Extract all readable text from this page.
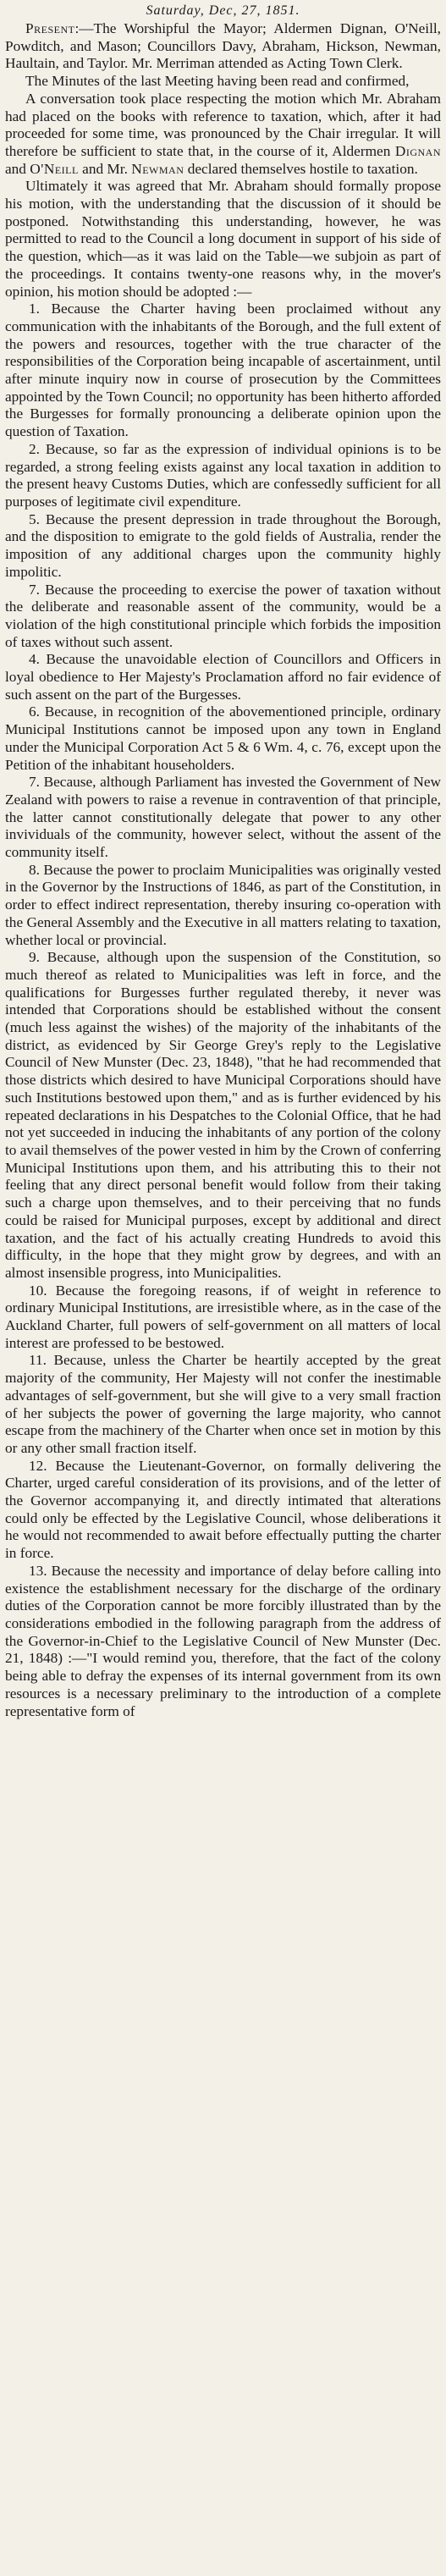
Saturday, Dec, 27, 1851.

Present:—The Worshipful the Mayor; Aldermen Dignan, O'Neill, Powditch, and Mason; Councillors Davy, Abraham, Hickson, Newman, Haultain, and Taylor. Mr. Merriman attended as Acting Town Clerk.

The Minutes of the last Meeting having been read and confirmed,

A conversation took place respecting the motion which Mr. Abraham had placed on the books with reference to taxation, which, after it had proceeded for some time, was pronounced by the Chair irregular. It will therefore be sufficient to state that, in the course of it, Aldermen Dignan and O'Neill and Mr. Newman declared themselves hostile to taxation.

Ultimately it was agreed that Mr. Abraham should formally propose his motion, with the understanding that the discussion of it should be postponed. Notwithstanding this understanding, however, he was permitted to read to the Council a long document in support of his side of the question, which—as it was laid on the Table—we subjoin as part of the proceedings. It contains twenty-one reasons why, in the mover's opinion, his motion should be adopted :—

1. Because the Charter having been proclaimed without any communication with the inhabitants of the Borough, and the full extent of the powers and resources, together with the true character of the responsibilities of the Corporation being incapable of ascertainment, until after minute inquiry now in course of prosecution by the Committees appointed by the Town Council; no opportunity has been hitherto afforded the Burgesses for formally pronouncing a deliberate opinion upon the question of Taxation.

2. Because, so far as the expression of individual opinions is to be regarded, a strong feeling exists against any local taxation in addition to the present heavy Customs Duties, which are confessedly sufficient for all purposes of legitimate civil expenditure.

5. Because the present depression in trade throughout the Borough, and the disposition to emigrate to the gold fields of Australia, render the imposition of any additional charges upon the community highly impolitic.

7. Because the proceeding to exercise the power of taxation without the deliberate and reasonable assent of the community, would be a violation of the high constitutional principle which forbids the imposition of taxes without such assent.

4. Because the unavoidable election of Councillors and Officers in loyal obedience to Her Majesty's Proclamation afford no fair evidence of such assent on the part of the Burgesses.

6. Because, in recognition of the abovementioned principle, ordinary Municipal Institutions cannot be imposed upon any town in England under the Municipal Corporation Act 5 & 6 Wm. 4, c. 76, except upon the Petition of the inhabitant householders.

7. Because, although Parliament has invested the Government of New Zealand with powers to raise a revenue in contravention of that principle, the latter cannot constitutionally delegate that power to any other invividuals of the community, however select, without the assent of the community itself.

8. Because the power to proclaim Municipalities was originally vested in the Governor by the Instructions of 1846, as part of the Constitution, in order to effect indirect representation, thereby insuring co-operation with the General Assembly and the Executive in all matters relating to taxation, whether local or provincial.

9. Because, although upon the suspension of the Constitution, so much thereof as related to Municipalities was left in force, and the qualifications for Burgesses further regulated thereby, it never was intended that Corporations should be established without the consent (much less against the wishes) of the majority of the inhabitants of the district, as evidenced by Sir George Grey's reply to the Legislative Council of New Munster (Dec. 23, 1848), "that he had recommended that those districts which desired to have Municipal Corporations should have such Institutions bestowed upon them," and as is further evidenced by his repeated declarations in his Despatches to the Colonial Office, that he had not yet succeeded in inducing the inhabitants of any portion of the colony to avail themselves of the power vested in him by the Crown of conferring Municipal Institutions upon them, and his attributing this to their not feeling that any direct personal benefit would follow from their taking such a charge upon themselves, and to their perceiving that no funds could be raised for Municipal purposes, except by additional and direct taxation, and the fact of his actually creating Hundreds to avoid this difficulty, in the hope that they might grow by degrees, and with an almost insensible progress, into Municipalities.

10. Because the foregoing reasons, if of weight in reference to ordinary Municipal Institutions, are irresistible where, as in the case of the Auckland Charter, full powers of self-government on all matters of local interest are professed to be bestowed.

11. Because, unless the Charter be heartily accepted by the great majority of the community, Her Majesty will not confer the inestimable advantages of self-government, but she will give to a very small fraction of her subjects the power of governing the large majority, who cannot escape from the machinery of the Charter when once set in motion by this or any other small fraction itself.

12. Because the Lieutenant-Governor, on formally delivering the Charter, urged careful consideration of its provisions, and of the letter of the Governor accompanying it, and directly intimated that alterations could only be effected by the Legislative Council, whose deliberations it he would not recommended to await before effectually putting the charter in force.

13. Because the necessity and importance of delay before calling into existence the establishment necessary for the discharge of the ordinary duties of the Corporation cannot be more forcibly illustrated than by the considerations embodied in the following paragraph from the address of the Governor-in-Chief to the Legislative Council of New Munster (Dec. 21, 1848) :—"I would remind you, therefore, that the fact of the colony being able to defray the expenses of its internal government from its own resources is a necessary preliminary to the introduction of a complete representative form of
